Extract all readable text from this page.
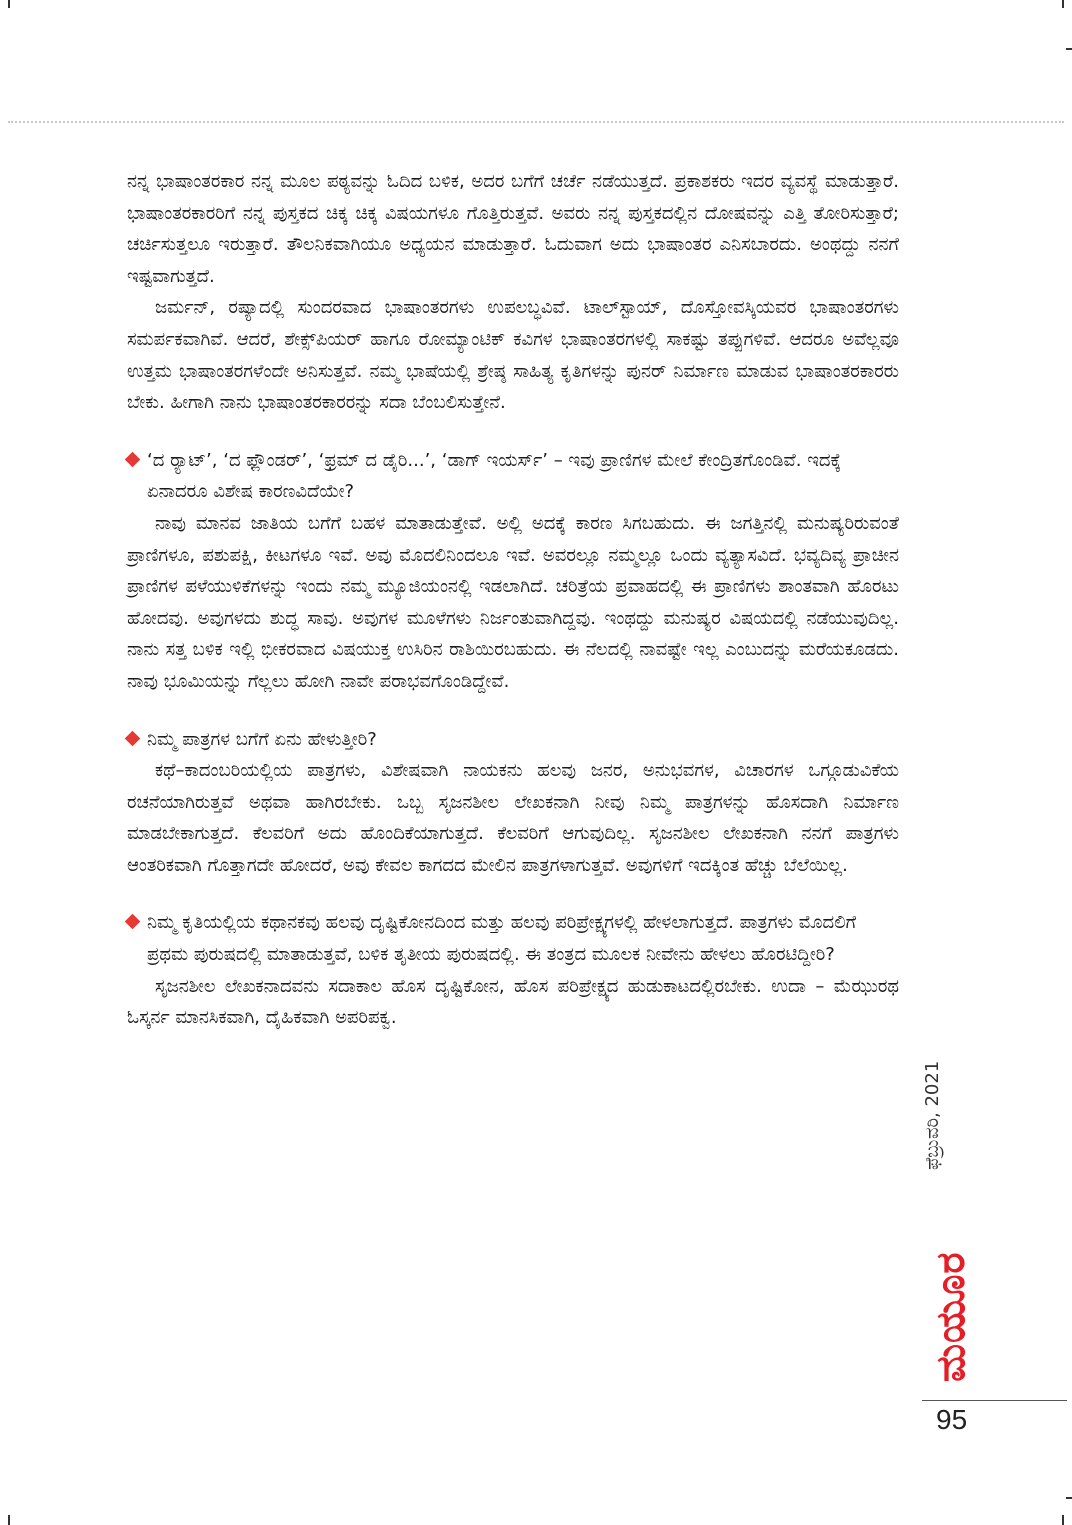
ನನ್ನ ಭಾಷಾಂತರಕಾರ ನನ್ನ ಮೂಲ ಪಠ್ಯವನ್ನು ಓದಿದ ಬಳಿಕ, ಅದರ ಬಗೆಗೆ ಚರ್ಚೆ ನಡೆಯುತ್ತದೆ. ಪ್ರಕಾಶಕರು ಇದರ ವ್ಯವಸ್ಥೆ ಮಾಡುತ್ತಾರೆ. ಭಾಷಾಂತರಕಾರರಿಗೆ ನನ್ನ ಪುಸ್ತಕದ ಚಿಕ್ಕ ಚಿಕ್ಕ ವಿಷಯಗಳೂ ಗೊತ್ತಿರುತ್ತವೆ. ಅವರು ನನ್ನ ಪುಸ್ತಕದಲ್ಲಿನ ದೋಷವನ್ನು ಎತ್ತಿ ತೋರಿಸುತ್ತಾರೆ; ಚರ್ಚಿಸುತ್ತಲೂ ಇರುತ್ತಾರೆ. ತೌಲನಿಕವಾಗಿಯೂ ಅಧ್ಯಯನ ಮಾಡುತ್ತಾರೆ. ಓದುವಾಗ ಅದು ಭಾಷಾಂತರ ಎನಿಸಬಾರದು. ಅಂಥದ್ದು ನನಗೆ ಇಷ್ಟವಾಗುತ್ತದೆ.

ಜರ್ಮನ್, ರಷ್ಯಾದಲ್ಲಿ ಸುಂದರವಾದ ಭಾಷಾಂತರಗಳು ಉಪಲಬ್ಧವಿವೆ. ಟಾಲ್‌ಸ್ಟಾಯ್, ದೊಸ್ತೋವಸ್ಕಿಯವರ ಭಾಷಾಂತರಗಳು ಸಮರ್ಪಕವಾಗಿವೆ. ಆದರೆ, ಶೇಕ್ಸ್‌ಪಿಯರ್ ಹಾಗೂ ರೋಮ್ಯಾಂಟಿಕ್ ಕವಿಗಳ ಭಾಷಾಂತರಗಳಲ್ಲಿ ಸಾಕಷ್ಟು ತಪ್ಪುಗಳಿವೆ. ಆದರೂ ಅವೆಲ್ಲವೂ ಉತ್ತಮ ಭಾಷಾಂತರಗಳೆಂದೇ ಅನಿಸುತ್ತವೆ. ನಮ್ಮ ಭಾಷೆಯಲ್ಲಿ ಶ್ರೇಷ್ಠ ಸಾಹಿತ್ಯ ಕೃತಿಗಳನ್ನು ಪುನರ್ ನಿರ್ಮಾಣ ಮಾಡುವ ಭಾಷಾಂತರಕಾರರು ಬೇಕು. ಹೀಗಾಗಿ ನಾನು ಭಾಷಾಂತರಕಾರರನ್ನು ಸದಾ ಬೆಂಬಲಿಸುತ್ತೇನೆ.

‘ದ ರ್‍ಯಾಟ್’, ‘ದ ಫ್ಲೌಂಡರ್’, ‘ಫ್ರಮ್ ದ ಡೈರಿ...’, ‘ಡಾಗ್ ಇಯರ್ಸ್’ – ಇವು ಪ್ರಾಣಿಗಳ ಮೇಲೆ ಕೇಂದ್ರಿತಗೊಂಡಿವೆ. ಇದಕ್ಕೆ ಏನಾದರೂ ವಿಶೇಷ ಕಾರಣವಿದೆಯೇ?

ನಾವು ಮಾನವ ಜಾತಿಯ ಬಗೆಗೆ ಬಹಳ ಮಾತಾಡುತ್ತೇವೆ. ಅಲ್ಲಿ ಅದಕ್ಕೆ ಕಾರಣ ಸಿಗಬಹುದು. ಈ ಜಗತ್ತಿನಲ್ಲಿ ಮನುಷ್ಯರಿರುವಂತೆ ಪ್ರಾಣಿಗಳೂ, ಪಶುಪಕ್ಷಿ, ಕೀಟಗಳೂ ಇವೆ. ಅವು ಮೊದಲಿನಿಂದಲೂ ಇವೆ. ಅವರಲ್ಲೂ ನಮ್ಮಲ್ಲೂ ಒಂದು ವ್ಯತ್ಯಾಸವಿದೆ. ಭವ್ಯದಿವ್ಯ ಪ್ರಾಚೀನ ಪ್ರಾಣಿಗಳ ಪಳೆಯುಳಿಕೆಗಳನ್ನು ಇಂದು ನಮ್ಮ ಮ್ಯೂಜಿಯಂನಲ್ಲಿ ಇಡಲಾಗಿದೆ. ಚರಿತ್ರೆಯ ಪ್ರವಾಹದಲ್ಲಿ ಈ ಪ್ರಾಣಿಗಳು ಶಾಂತವಾಗಿ ಹೊರಟು ಹೋದವು. ಅವುಗಳದು ಶುದ್ಧ ಸಾವು. ಅವುಗಳ ಮೂಳೆಗಳು ನಿರ್ಜಂತುವಾಗಿದ್ದವು. ಇಂಥದ್ದು ಮನುಷ್ಯರ ವಿಷಯದಲ್ಲಿ ನಡೆಯುವುದಿಲ್ಲ. ನಾನು ಸತ್ತ ಬಳಿಕ ಇಲ್ಲಿ ಭೀಕರವಾದ ವಿಷಯುಕ್ತ ಉಸಿರಿನ ರಾಶಿಯಿರಬಹುದು. ಈ ನೆಲದಲ್ಲಿ ನಾವಷ್ಟೇ ಇಲ್ಲ ಎಂಬುದನ್ನು ಮರೆಯಕೂಡದು. ನಾವು ಭೂಮಿಯನ್ನು ಗೆಲ್ಲಲು ಹೋಗಿ ನಾವೇ ಪರಾಭವಗೊಂಡಿದ್ದೇವೆ.

ನಿಮ್ಮ ಪಾತ್ರಗಳ ಬಗೆಗೆ ಏನು ಹೇಳುತ್ತೀರಿ?

ಕಥೆ–ಕಾದಂಬರಿಯಲ್ಲಿಯ ಪಾತ್ರಗಳು, ವಿಶೇಷವಾಗಿ ನಾಯಕನು ಹಲವು ಜನರ, ಅನುಭವಗಳ, ವಿಚಾರಗಳ ಒಗ್ಗೂಡುವಿಕೆಯ ರಚನೆಯಾಗಿರುತ್ತವೆ ಅಥವಾ ಹಾಗಿರಬೇಕು. ಒಬ್ಬ ಸೃಜನಶೀಲ ಲೇಖಕನಾಗಿ ನೀವು ನಿಮ್ಮ ಪಾತ್ರಗಳನ್ನು ಹೊಸದಾಗಿ ನಿರ್ಮಾಣ ಮಾಡಬೇಕಾಗುತ್ತದೆ. ಕೆಲವರಿಗೆ ಅದು ಹೊಂದಿಕೆಯಾಗುತ್ತದೆ. ಕೆಲವರಿಗೆ ಆಗುವುದಿಲ್ಲ. ಸೃಜನಶೀಲ ಲೇಖಕನಾಗಿ ನನಗೆ ಪಾತ್ರಗಳು ಆಂತರಿಕವಾಗಿ ಗೊತ್ತಾಗದೇ ಹೋದರೆ, ಅವು ಕೇವಲ ಕಾಗದದ ಮೇಲಿನ ಪಾತ್ರಗಳಾಗುತ್ತವೆ. ಅವುಗಳಿಗೆ ಇದಕ್ಕಿಂತ ಹೆಚ್ಚು ಬೆಲೆಯಿಲ್ಲ.

ನಿಮ್ಮ ಕೃತಿಯಲ್ಲಿಯ ಕಥಾನಕವು ಹಲವು ದೃಷ್ಟಿಕೋನದಿಂದ ಮತ್ತು ಹಲವು ಪರಿಪ್ರೇಕ್ಷ್ಯಗಳಲ್ಲಿ ಹೇಳಲಾಗುತ್ತದೆ. ಪಾತ್ರಗಳು ಮೊದಲಿಗೆ ಪ್ರಥಮ ಪುರುಷದಲ್ಲಿ ಮಾತಾಡುತ್ತವೆ, ಬಳಿಕ ತೃತೀಯ ಪುರುಷದಲ್ಲಿ. ಈ ತಂತ್ರದ ಮೂಲಕ ನೀವೇನು ಹೇಳಲು ಹೊರಟಿದ್ದೀರಿ?

ಸೃಜನಶೀಲ ಲೇಖಕನಾದವನು ಸದಾಕಾಲ ಹೊಸ ದೃಷ್ಟಿಕೋನ, ಹೊಸ ಪರಿಪ್ರೇಕ್ಷ್ಯದ ಹುಡುಕಾಟದಲ್ಲಿರಬೇಕು. ಉದಾ – ಮೆಝುರಥ ಓಸ್ಕರ್ನ ಮಾನಸಿಕವಾಗಿ, ದೈಹಿಕವಾಗಿ ಅಪರಿಪಕ್ವ.

ಫೆಬ್ರುವರಿ, 2021
ಮಯೂರ
95
